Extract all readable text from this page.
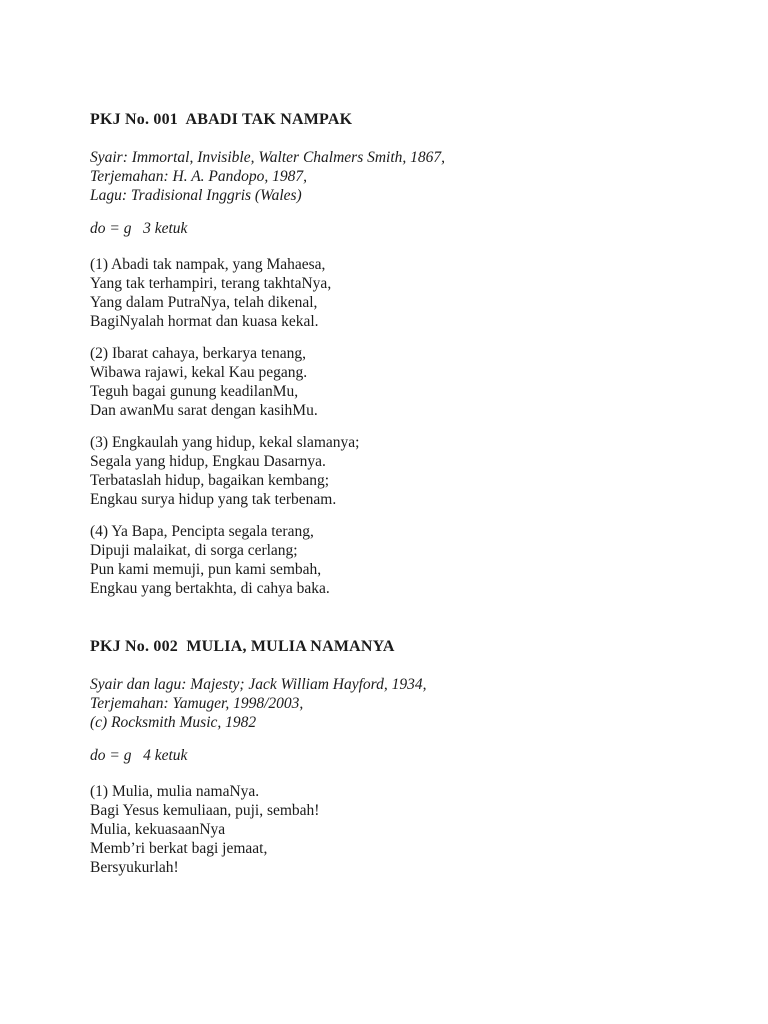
PKJ No. 001  ABADI TAK NAMPAK

Syair: Immortal, Invisible, Walter Chalmers Smith, 1867,

Terjemahan: H. A. Pandopo, 1987,

Lagu: Tradisional Inggris (Wales)

do = g   3 ketuk

(1) Abadi tak nampak, yang Mahaesa,

Yang tak terhampiri, terang takhtaNya,

Yang dalam PutraNya, telah dikenal,

BagiNyalah hormat dan kuasa kekal.

(2) Ibarat cahaya, berkarya tenang,

Wibawa rajawi, kekal Kau pegang.

Teguh bagai gunung keadilanMu,

Dan awanMu sarat dengan kasihMu.

(3) Engkaulah yang hidup, kekal slamanya;

Segala yang hidup, Engkau Dasarnya.

Terbataslah hidup, bagaikan kembang;

Engkau surya hidup yang tak terbenam.

(4) Ya Bapa, Pencipta segala terang,

Dipuji malaikat, di sorga cerlang;

Pun kami memuji, pun kami sembah,

Engkau yang bertakhta, di cahya baka.

PKJ No. 002  MULIA, MULIA NAMANYA

Syair dan lagu: Majesty; Jack William Hayford, 1934,

Terjemahan: Yamuger, 1998/2003,

(c) Rocksmith Music, 1982

do = g   4 ketuk

(1) Mulia, mulia namaNya.

Bagi Yesus kemuliaan, puji, sembah!

Mulia, kekuasaanNya

Memb’ri berkat bagi jemaat,

Bersyukurlah!
